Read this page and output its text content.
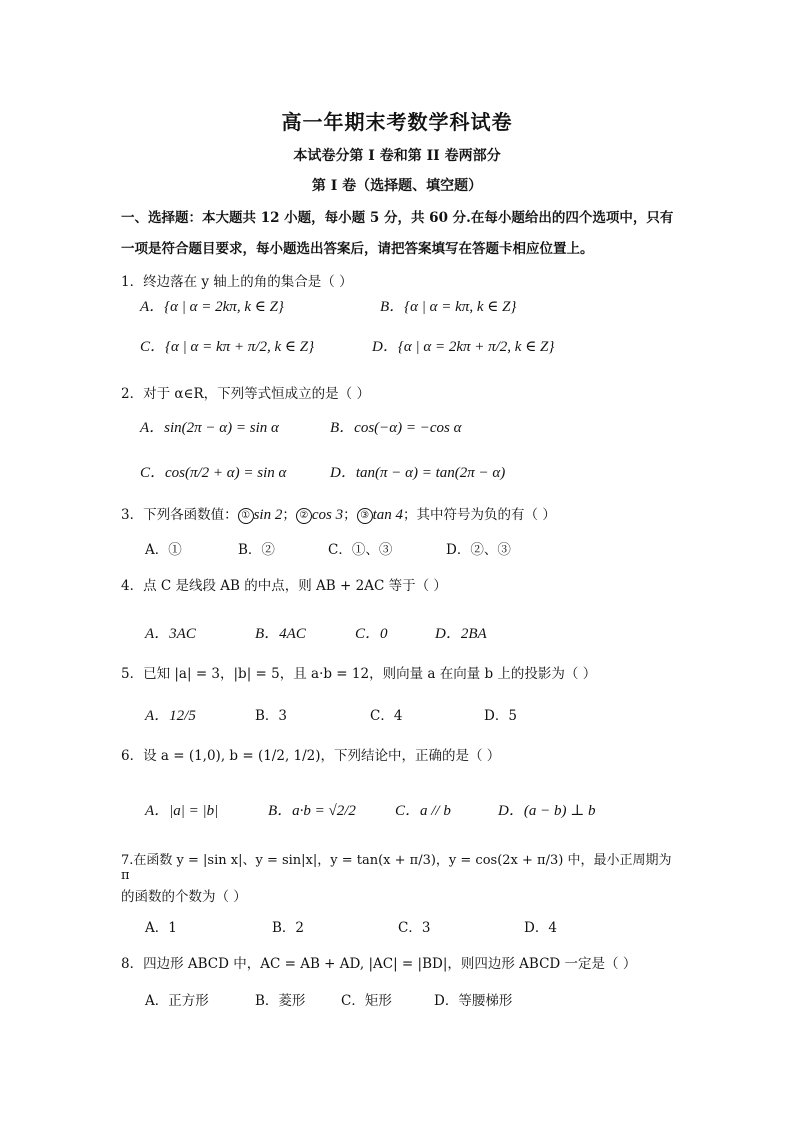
高一年期末考数学科试卷
本试卷分第 I 卷和第 II 卷两部分
第 I 卷（选择题、填空题）
一、选择题：本大题共 12 小题，每小题 5 分，共 60 分.在每小题给出的四个选项中，只有
一项是符合题目要求，每小题选出答案后，请把答案填写在答题卡相应位置上。
1．终边落在 y 轴上的角的集合是（ ）
A．{α | α = 2kπ, k ∈ Z}	B．{α | α = kπ, k ∈ Z}
C．{α | α = kπ + π/2, k ∈ Z}	D．{α | α = 2kπ + π/2, k ∈ Z}
2．对于 α∈R，下列等式恒成立的是（ ）
A．sin(2π − α) = sin α	B．cos(−α) = −cos α
C．cos(π/2 + α) = sin α	D．tan(π − α) = tan(2π − α)
3．下列各函数值： ① sin 2； ② cos 3； ③ tan 4；其中符号为负的有（ ）
A．①	B．②	C．①、③	D．②、③
4．点 C 是线段 AB 的中点，则 AB + 2AC 等于（ ）
A．3AC	B．4AC	C．0	D．2BA
5．已知 |a| = 3，|b| = 5，且 a·b = 12，则向量 a 在向量 b 上的投影为（ ）
A．12/5	B．3	C．4	D．5
6．设 a = (1,0), b = (1/2, 1/2)，下列结论中，正确的是（ ）
A．|a| = |b|	B．a·b = √2/2	C．a // b	D．(a − b) ⊥ b
7.在函数 y = |sin x|、y = sin|x|，y = tan(x + π/3)，y = cos(2x + π/3) 中，最小正周期为 π
的函数的个数为（ ）
A．1	B．2	C．3	D．4
8．四边形 ABCD 中，AC = AB + AD, |AC| = |BD|，则四边形 ABCD 一定是（ ）
A．正方形	B．菱形	C．矩形	D．等腰梯形
